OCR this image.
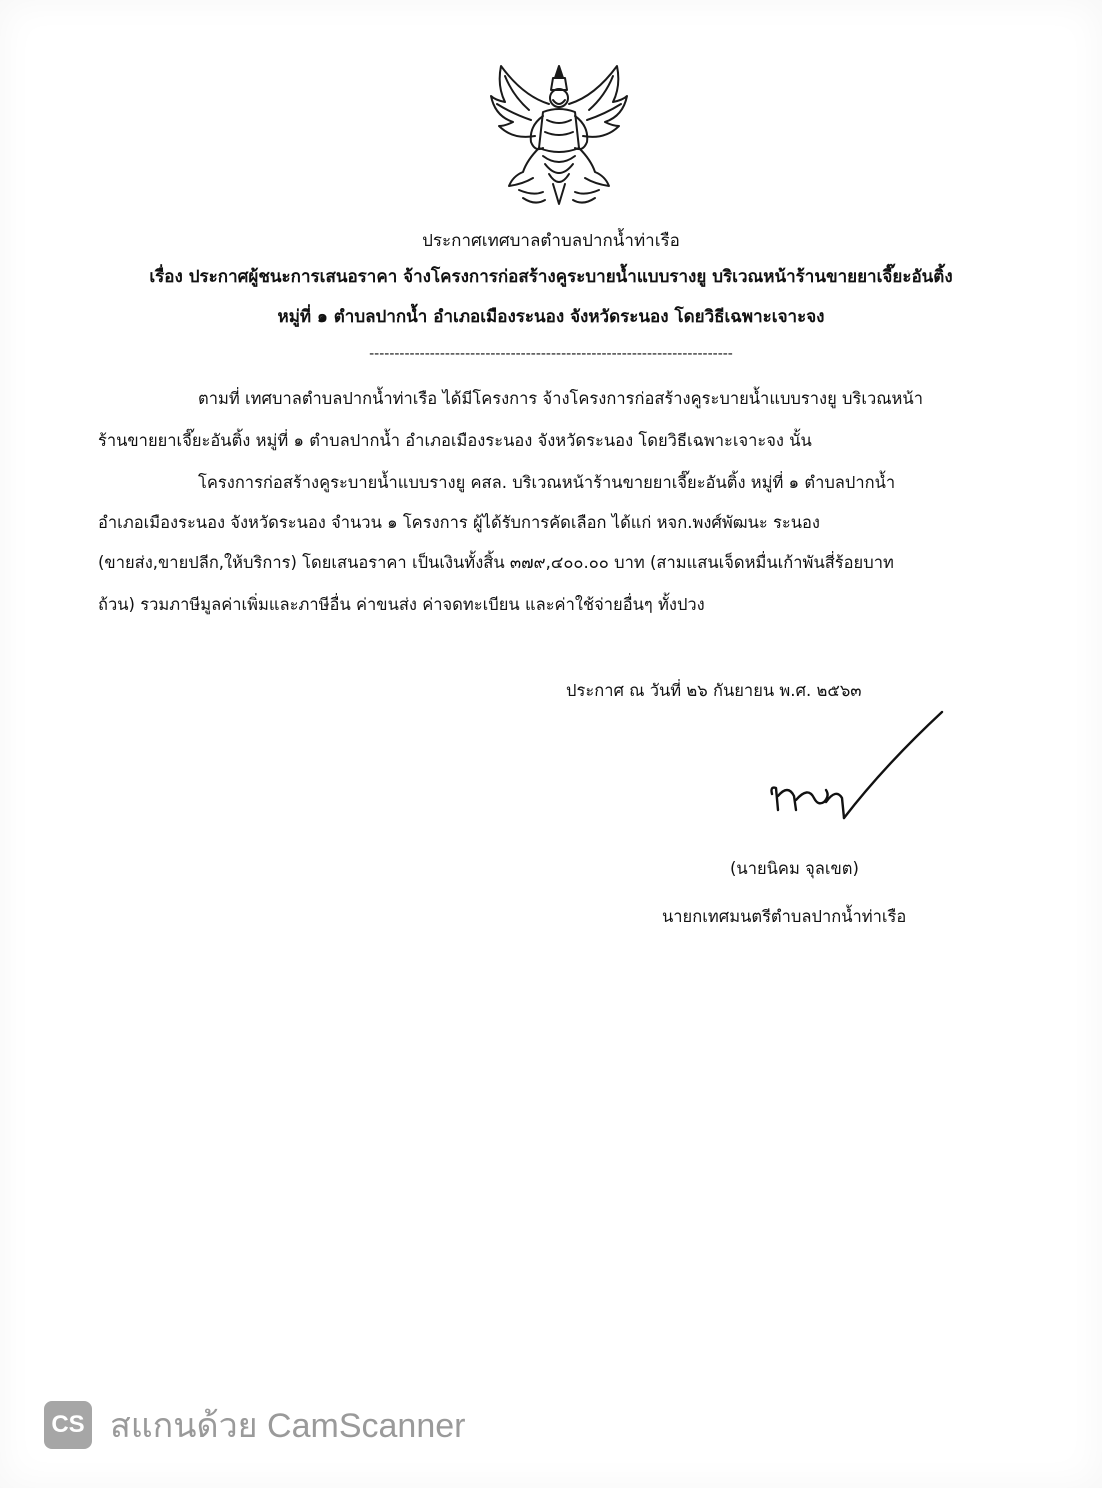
ประกาศเทศบาลตำบลปากน้ำท่าเรือ
เรื่อง ประกาศผู้ชนะการเสนอราคา จ้างโครงการก่อสร้างคูระบายน้ำแบบรางยู บริเวณหน้าร้านขายยาเจี๊ยะอันติ้ง
หมู่ที่ ๑ ตำบลปากน้ำ อำเภอเมืองระนอง จังหวัดระนอง โดยวิธีเฉพาะเจาะจง
------------------------------------------------------------------------
ตามที่ เทศบาลตำบลปากน้ำท่าเรือ ได้มีโครงการ จ้างโครงการก่อสร้างคูระบายน้ำแบบรางยู บริเวณหน้า
ร้านขายยาเจี๊ยะอันติ้ง หมู่ที่ ๑ ตำบลปากน้ำ อำเภอเมืองระนอง จังหวัดระนอง โดยวิธีเฉพาะเจาะจง นั้น
โครงการก่อสร้างคูระบายน้ำแบบรางยู คสล. บริเวณหน้าร้านขายยาเจี๊ยะอันติ้ง หมู่ที่ ๑ ตำบลปากน้ำ
อำเภอเมืองระนอง จังหวัดระนอง จำนวน ๑ โครงการ ผู้ได้รับการคัดเลือก ได้แก่ หจก.พงศ์พัฒนะ ระนอง
(ขายส่ง,ขายปลีก,ให้บริการ) โดยเสนอราคา เป็นเงินทั้งสิ้น ๓๗๙,๔๐๐.๐๐ บาท (สามแสนเจ็ดหมื่นเก้าพันสี่ร้อยบาท
ถ้วน) รวมภาษีมูลค่าเพิ่มและภาษีอื่น ค่าขนส่ง ค่าจดทะเบียน และค่าใช้จ่ายอื่นๆ ทั้งปวง
ประกาศ ณ วันที่ ๒๖ กันยายน พ.ศ. ๒๕๖๓
(นายนิคม จุลเขต)
นายกเทศมนตรีตำบลปากน้ำท่าเรือ
CS สแกนด้วย CamScanner
